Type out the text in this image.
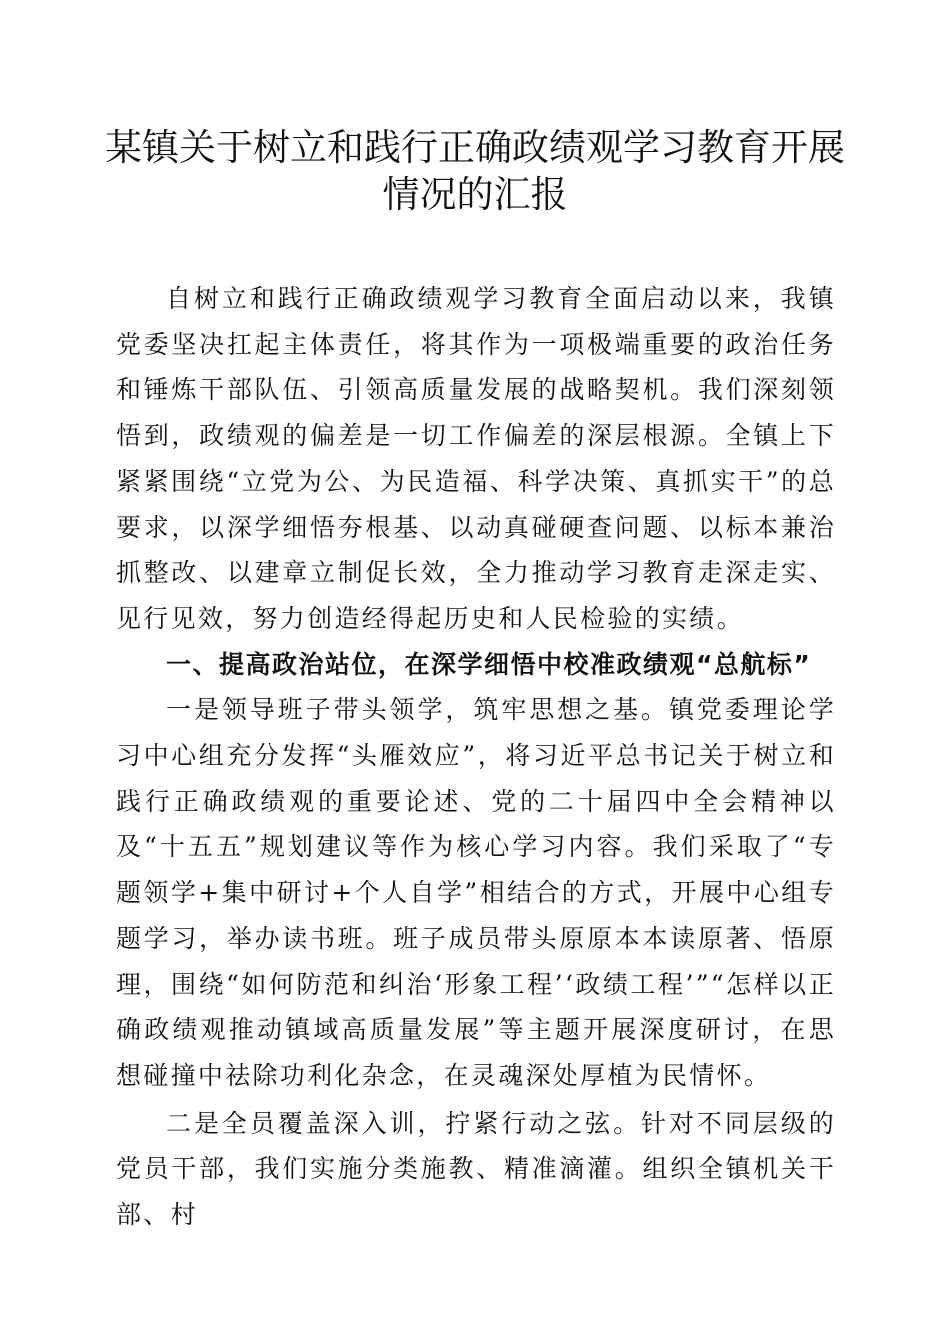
某镇关于树立和践行正确政绩观学习教育开展
情况的汇报

自树立和践行正确政绩观学习教育全面启动以来，我镇党委坚决扛起主体责任，将其作为一项极端重要的政治任务和锤炼干部队伍、引领高质量发展的战略契机。我们深刻领悟到，政绩观的偏差是一切工作偏差的深层根源。全镇上下紧紧围绕“立党为公、为民造福、科学决策、真抓实干”的总要求，以深学细悟夯根基、以动真碰硬查问题、以标本兼治抓整改、以建章立制促长效，全力推动学习教育走深走实、见行见效，努力创造经得起历史和人民检验的实绩。

一、提高政治站位，在深学细悟中校准政绩观“总航标”

一是领导班子带头领学，筑牢思想之基。镇党委理论学习中心组充分发挥“头雁效应”，将习近平总书记关于树立和践行正确政绩观的重要论述、党的二十届四中全会精神以及“十五五”规划建议等作为核心学习内容。我们采取了“专题领学+集中研讨+个人自学”相结合的方式，开展中心组专题学习，举办读书班。班子成员带头原原本本读原著、悟原理，围绕“如何防范和纠治‘形象工程’‘政绩工程’”“怎样以正确政绩观推动镇域高质量发展”等主题开展深度研讨，在思想碰撞中祛除功利化杂念，在灵魂深处厚植为民情怀。

二是全员覆盖深入训，拧紧行动之弦。针对不同层级的党员干部，我们实施分类施教、精准滴灌。组织全镇机关干部、村
